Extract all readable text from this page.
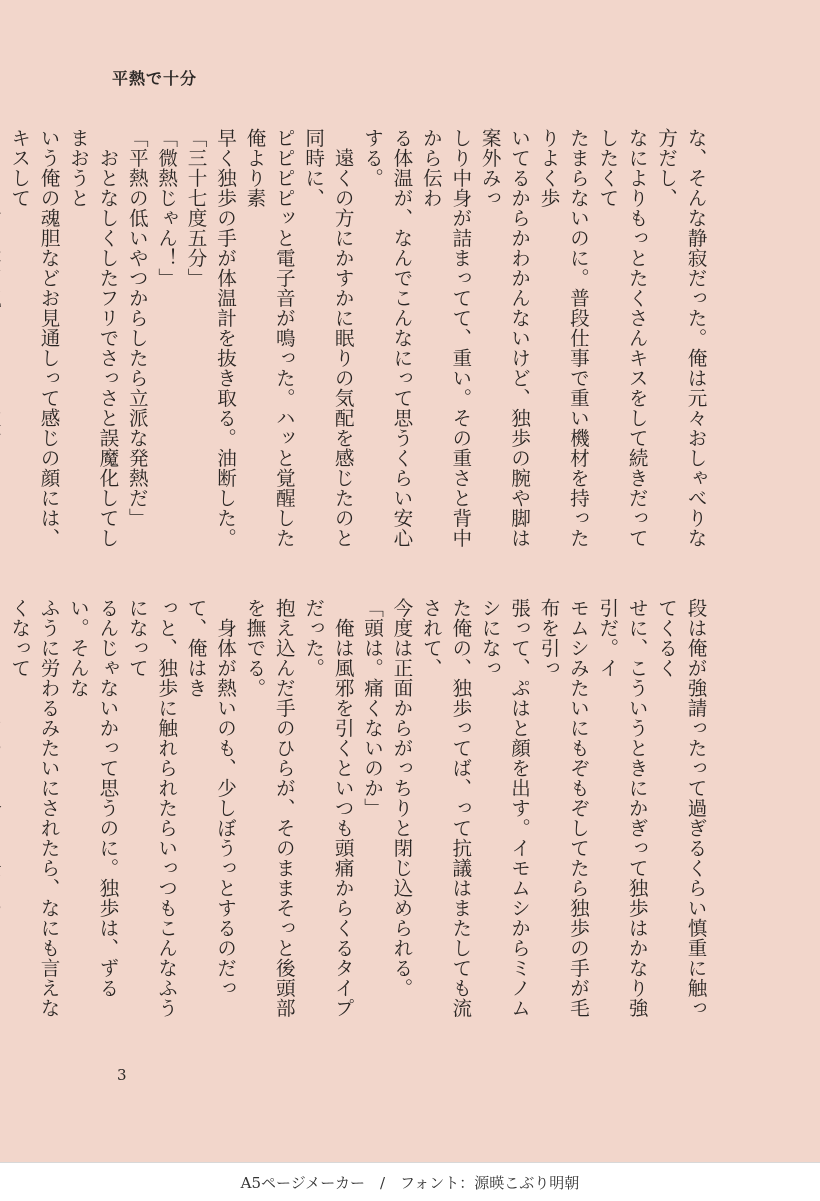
平熱で十分

な、そんな静寂だった。俺は元々おしゃべりな方だし、

なによりもっとたくさんキスをして続きだってしたくて

たまらないのに。普段仕事で重い機材を持ったりよく歩

いてるからかわかんないけど、独歩の腕や脚は案外みっ

しり中身が詰まってて、重い。その重さと背中から伝わ

る体温が、なんでこんなにって思うくらい安心する。

　遠くの方にかすかに眠りの気配を感じたのと同時に、

ピピピピッと電子音が鳴った。ハッと覚醒した俺より素

早く独歩の手が体温計を抜き取る。油断した。

「三十七度五分」

「微熱じゃん！」

「平熱の低いやつからしたら立派な発熱だ」

　おとなしくしたフリでさっさと誤魔化してしまおうと

いう俺の魂胆などお見通しって感じの顔には、キスして

段は俺が強請ったって過ぎるくらい慎重に触ってくるく

せに、こういうときにかぎって独歩はかなり強引だ。イ

モムシみたいにもぞもぞしてたら独歩の手が毛布を引っ

張って、ぷはと顔を出す。イモムシからミノムシになっ

た俺の、独歩ってば、って抗議はまたしても流されて、

今度は正面からがっちりと閉じ込められる。

「頭は。痛くないのか」

　俺は風邪を引くといつも頭痛からくるタイプだった。

抱え込んだ手のひらが、そのままそっと後頭部を撫でる。

　身体が熱いのも、少しぼうっとするのだって、俺はき

っと、独歩に触れられたらいっつもこんなふうになって

るんじゃないかって思うのに。独歩は、ずるい。そんな

ふうに労わるみたいにされたら、なにも言えなくなって

3
A5ページメーカー　/　フォント：源暎こぶり明朝
